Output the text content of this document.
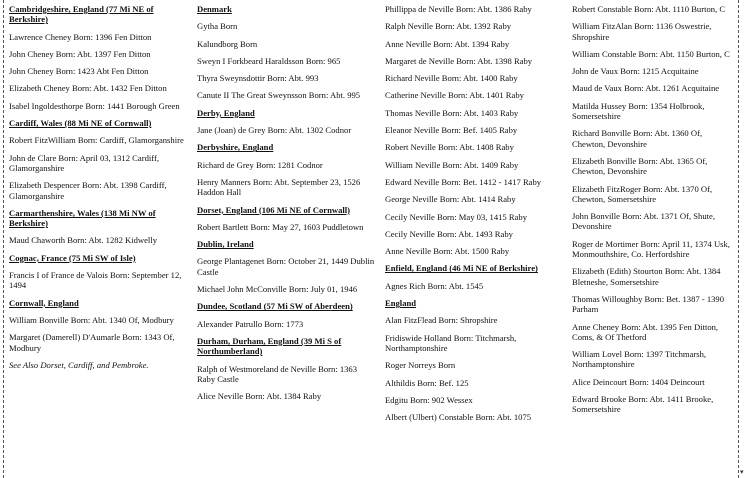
Cambridgeshire, England (77 Mi NE of Berkshire)
Lawrence Cheney Born: 1396 Fen Ditton
John Cheney Born: Abt. 1397 Fen Ditton
John Cheney Born: 1423 Abt Fen Ditton
Elizabeth Cheney Born: Abt. 1432 Fen Ditton
Isabel Ingoldesthorpe Born: 1441 Borough Green
Cardiff, Wales (88 Mi NE of Cornwall)
Robert FitzWilliam Born: Cardiff, Glamorganshire
John de Clare Born: April 03, 1312 Cardiff, Glamorganshire
Elizabeth Despencer Born: Abt. 1398 Cardiff, Glamorganshire
Carmarthenshire, Wales (138 Mi NW of Berkshire)
Maud Chaworth Born: Abt. 1282 Kidwelly
Cognac, France (75 Mi SW of Isle)
Francis I of France de Valois Born: September 12, 1494
Cornwall, England
William Bonville Born: Abt. 1340 Of, Modbury
Margaret (Damerell) D'Aumarle Born: 1343 Of, Modbury
See Also Dorset, Cardiff, and Pembroke.
Denmark
Gytha Born
Kalundborg Born
Sweyn I Forkbeard Haraldsson Born: 965
Thyra Sweynsdottir Born: Abt. 993
Canute II The Great Sweynsson Born: Abt. 995
Derby, England
Jane (Joan) de Grey Born: Abt. 1302 Codnor
Derbyshire, England
Richard de Grey Born: 1281 Codnor
Henry Manners Born: Abt. September 23, 1526 Haddon Hall
Dorset, England (106 Mi NE of Cornwall)
Robert Bartlett Born: May 27, 1603 Puddletown
Dublin, Ireland
George Plantagenet Born: October 21, 1449 Dublin Castle
Michael John McConville Born: July 01, 1946
Dundee, Scotland (57 Mi SW of Aberdeen)
Alexander Patrullo Born: 1773
Durham, Durham, England (39 Mi S of Northumberland)
Ralph of Westmoreland de Neville Born: 1363 Raby Castle
Alice Neville Born: Abt. 1384 Raby
Phillippa de Neville Born: Abt. 1386 Raby
Ralph Neville Born: Abt. 1392 Raby
Anne Neville Born: Abt. 1394 Raby
Margaret de Neville Born: Abt. 1398 Raby
Richard Neville Born: Abt. 1400 Raby
Catherine Neville Born: Abt. 1401 Raby
Thomas Neville Born: Abt. 1403 Raby
Eleanor Neville Born: Bef. 1405 Raby
Robert Neville Born: Abt. 1408 Raby
William Neville Born: Abt. 1409 Raby
Edward Neville Born: Bet. 1412 - 1417 Raby
George Neville Born: Abt. 1414 Raby
Cecily Neville Born: May 03, 1415 Raby
Cecily Neville Born: Abt. 1493 Raby
Anne Neville Born: Abt. 1500 Raby
Enfield, England (46 Mi NE of Berkshire)
Agnes Rich Born: Abt. 1545
England
Alan FitzFlead Born: Shropshire
Fridiswide Holland Born: Titchmarsh, Northamptonshire
Roger Norreys Born
Althildis Born: Bef. 125
Edgitu Born: 902 Wessex
Albert (Ulbert) Constable Born: Abt. 1075
Robert Constable Born: Abt. 1110 Burton, C
William FitzAlan Born: 1136 Oswestrie, Shropshire
William Constable Born: Abt. 1150 Burton, C
John de Vaux Born: 1215 Acquitaine
Maud de Vaux Born: Abt. 1261 Acquitaine
Matilda Hussey Born: 1354 Holbrook, Somersetshire
Richard Bonville Born: Abt. 1360 Of, Chewton, Devonshire
Elizabeth Bonville Born: Abt. 1365 Of, Chewton, Devonshire
Elizabeth FitzRoger Born: Abt. 1370 Of, Chewton, Somersetshire
John Bonville Born: Abt. 1371 Of, Shute, Devonshire
Roger de Mortimer Born: April 11, 1374 Usk, Monmouthshire, Co. Herfordshire
Elizabeth (Edith) Stourton Born: Abt. 1384 Bletneshe, Somersetshire
Thomas Willoughby Born: Bet. 1387 - 1390 Parham
Anne Cheney Born: Abt. 1395 Fen Ditton, Coms, & Of Thetford
William Lovel Born: 1397 Titchmarsh, Northamptonshire
Alice Deincourt Born: 1404 Deincourt
Edward Brooke Born: Abt. 1411 Brooke, Somersetshire
▾
